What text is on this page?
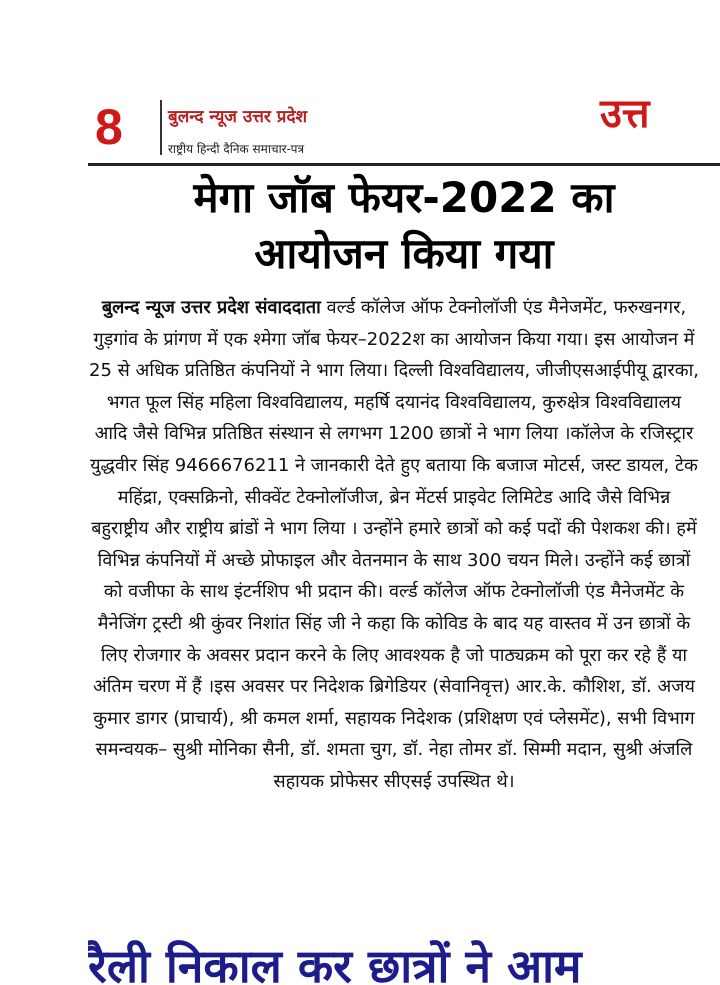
8	बुलन्द न्यूज उत्तर प्रदेश
राष्ट्रीय हिन्दी दैनिक समाचार-पत्र
उत्त
मेगा जॉब फेयर-2022 का
आयोजन किया गया

बुलन्द न्यूज उत्तर प्रदेश संवाददाता वर्ल्ड कॉलेज ऑफ टेक्नोलॉजी एंड मैनेजमेंट, फरुखनगर, गुड़गांव के प्रांगण में एक श्मेगा जॉब फेयर–2022श का आयोजन किया गया। इस आयोजन में 25 से अधिक प्रतिष्ठित कंपनियों ने भाग लिया। दिल्ली विश्वविद्यालय, जीजीएसआईपीयू द्वारका, भगत फूल सिंह महिला विश्वविद्यालय, महर्षि दयानंद विश्वविद्यालय, कुरुक्षेत्र विश्वविद्यालय आदि जैसे विभिन्न प्रतिष्ठित संस्थान से लगभग 1200 छात्रों ने भाग लिया ।कॉलेज के रजिस्ट्रार युद्धवीर सिंह 9466676211 ने जानकारी देते हुए बताया कि बजाज मोटर्स, जस्ट डायल, टेक महिंद्रा, एक्सक्रिनो, सीक्वेंट टेक्नोलॉजीज, ब्रेन मेंटर्स प्राइवेट लिमिटेड आदि जैसे विभिन्न बहुराष्ट्रीय और राष्ट्रीय ब्रांडों ने भाग लिया । उन्होंने हमारे छात्रों को कई पदों की पेशकश की। हमें विभिन्न कंपनियों में अच्छे प्रोफाइल और वेतनमान के साथ 300 चयन मिले। उन्होंने कई छात्रों को वजीफा के साथ इंटर्नशिप भी प्रदान की। वर्ल्ड कॉलेज ऑफ टेक्नोलॉजी एंड मैनेजमेंट के मैनेजिंग ट्रस्टी श्री कुंवर निशांत सिंह जी ने कहा कि कोविड के बाद यह वास्तव में उन छात्रों के लिए रोजगार के अवसर प्रदान करने के लिए आवश्यक है जो पाठ्यक्रम को पूरा कर रहे हैं या अंतिम चरण में हैं ।इस अवसर पर निदेशक ब्रिगेडियर (सेवानिवृत्त) आर.के. कौशिश, डॉ. अजय कुमार डागर (प्राचार्य), श्री कमल शर्मा, सहायक निदेशक (प्रशिक्षण एवं प्लेसमेंट), सभी विभाग समन्वयक– सुश्री मोनिका सैनी, डॉ. शमता चुग, डॉ. नेहा तोमर डॉ. सिम्मी मदान, सुश्री अंजलि सहायक प्रोफेसर सीएसई उपस्थित थे।

रैली निकाल कर छात्रों ने आम
